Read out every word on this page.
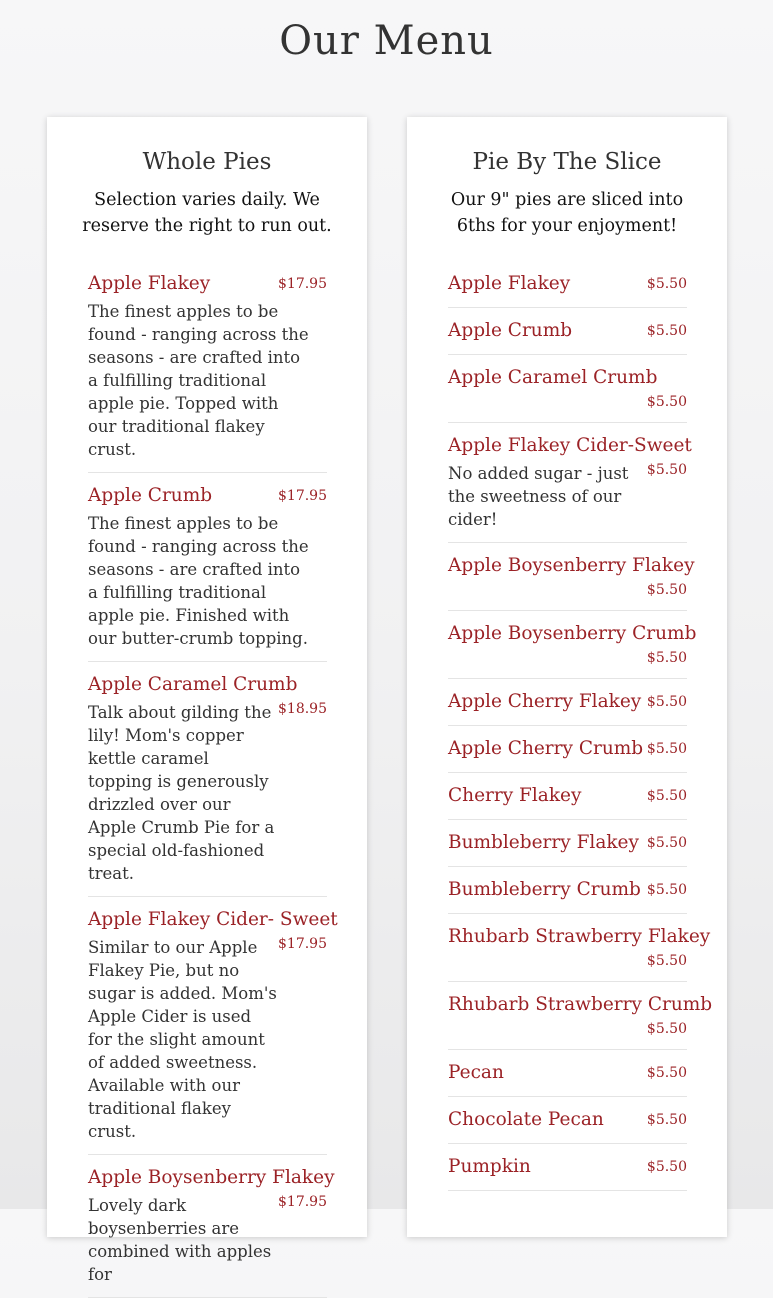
Our Menu
Whole Pies
Selection varies daily. We reserve the right to run out.
Apple Flakey	$17.95
The finest apples to be found - ranging across the seasons - are crafted into a fulfilling traditional apple pie. Topped with our traditional flakey crust.
Apple Crumb	$17.95
The finest apples to be found - ranging across the seasons - are crafted into a fulfilling traditional apple pie. Finished with our butter-crumb topping.
Apple Caramel Crumb
Talk about gilding the lily! Mom's copper kettle caramel topping is generously drizzled over our Apple Crumb Pie for a special old-fashioned treat.
$18.95
Apple Flakey Cider- Sweet
Similar to our Apple Flakey Pie, but no sugar is added. Mom's Apple Cider is used for the slight amount of added sweetness. Available with our traditional flakey crust.
$17.95
Apple Boysenberry Flakey
Lovely dark boysenberries are combined with apples for
$17.95
Pie By The Slice
Our 9" pies are sliced into 6ths for your enjoyment!
Apple Flakey	$5.50
Apple Crumb	$5.50
Apple Caramel Crumb
$5.50
Apple Flakey Cider-Sweet
No added sugar - just the sweetness of our cider!
$5.50
Apple Boysenberry Flakey
$5.50
Apple Boysenberry Crumb
$5.50
Apple Cherry Flakey $5.50
Apple Cherry Crumb $5.50
Cherry Flakey	$5.50
Bumbleberry Flakey $5.50
Bumbleberry Crumb $5.50
Rhubarb Strawberry Flakey
$5.50
Rhubarb Strawberry Crumb
$5.50
Pecan	$5.50
Chocolate Pecan	$5.50
Pumpkin	$5.50
